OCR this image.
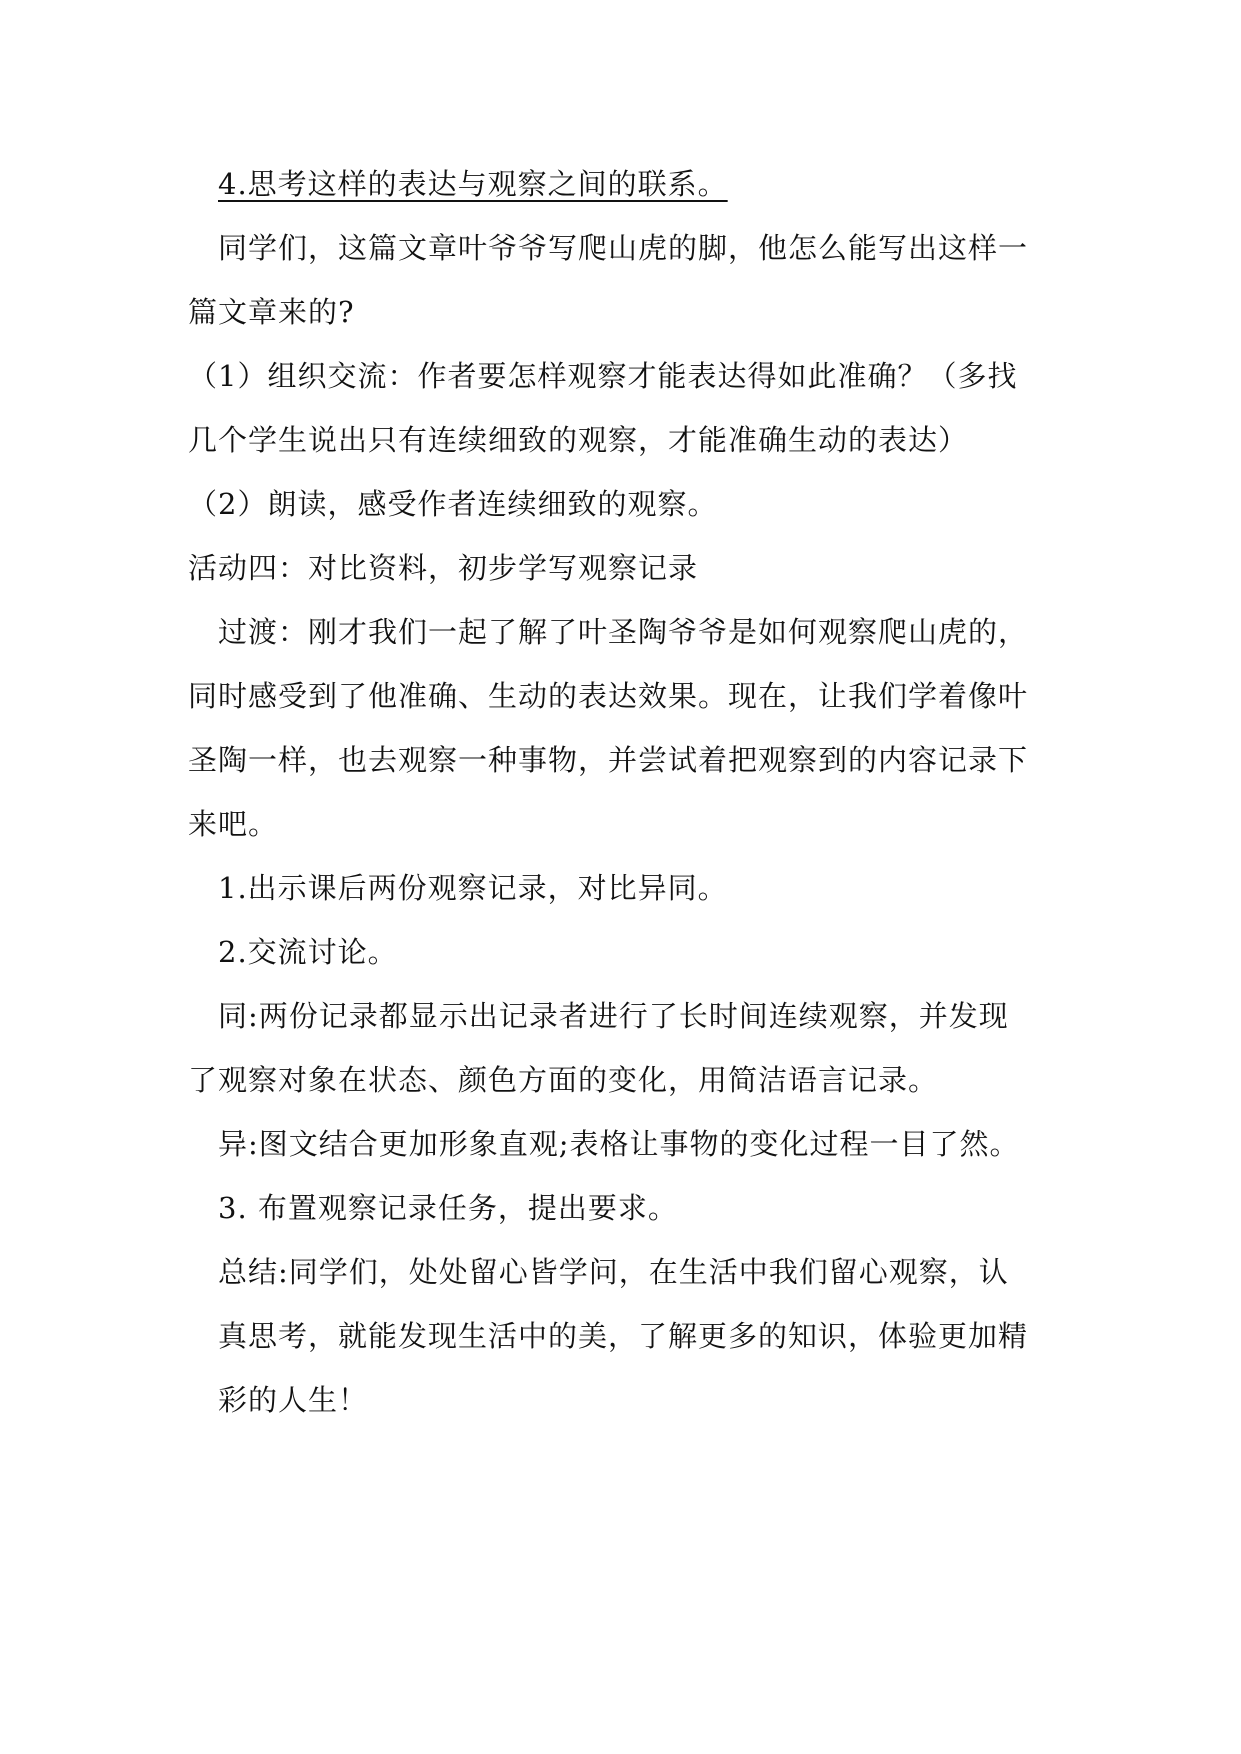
4.思考这样的表达与观察之间的联系。
同学们，这篇文章叶爷爷写爬山虎的脚，他怎么能写出这样一
篇文章来的?
（1）组织交流：作者要怎样观察才能表达得如此准确？（多找
几个学生说出只有连续细致的观察，才能准确生动的表达）
（2）朗读，感受作者连续细致的观察。
活动四：对比资料，初步学写观察记录
过渡：刚才我们一起了解了叶圣陶爷爷是如何观察爬山虎的，
同时感受到了他准确、生动的表达效果。现在，让我们学着像叶
圣陶一样，也去观察一种事物，并尝试着把观察到的内容记录下
来吧。
1.出示课后两份观察记录，对比异同。
2.交流讨论。
同:两份记录都显示出记录者进行了长时间连续观察，并发现
了观察对象在状态、颜色方面的变化，用简洁语言记录。
异:图文结合更加形象直观;表格让事物的变化过程一目了然。
3. 布置观察记录任务，提出要求。
总结:同学们，处处留心皆学问，在生活中我们留心观察，认
真思考，就能发现生活中的美，了解更多的知识，体验更加精
彩的人生！
